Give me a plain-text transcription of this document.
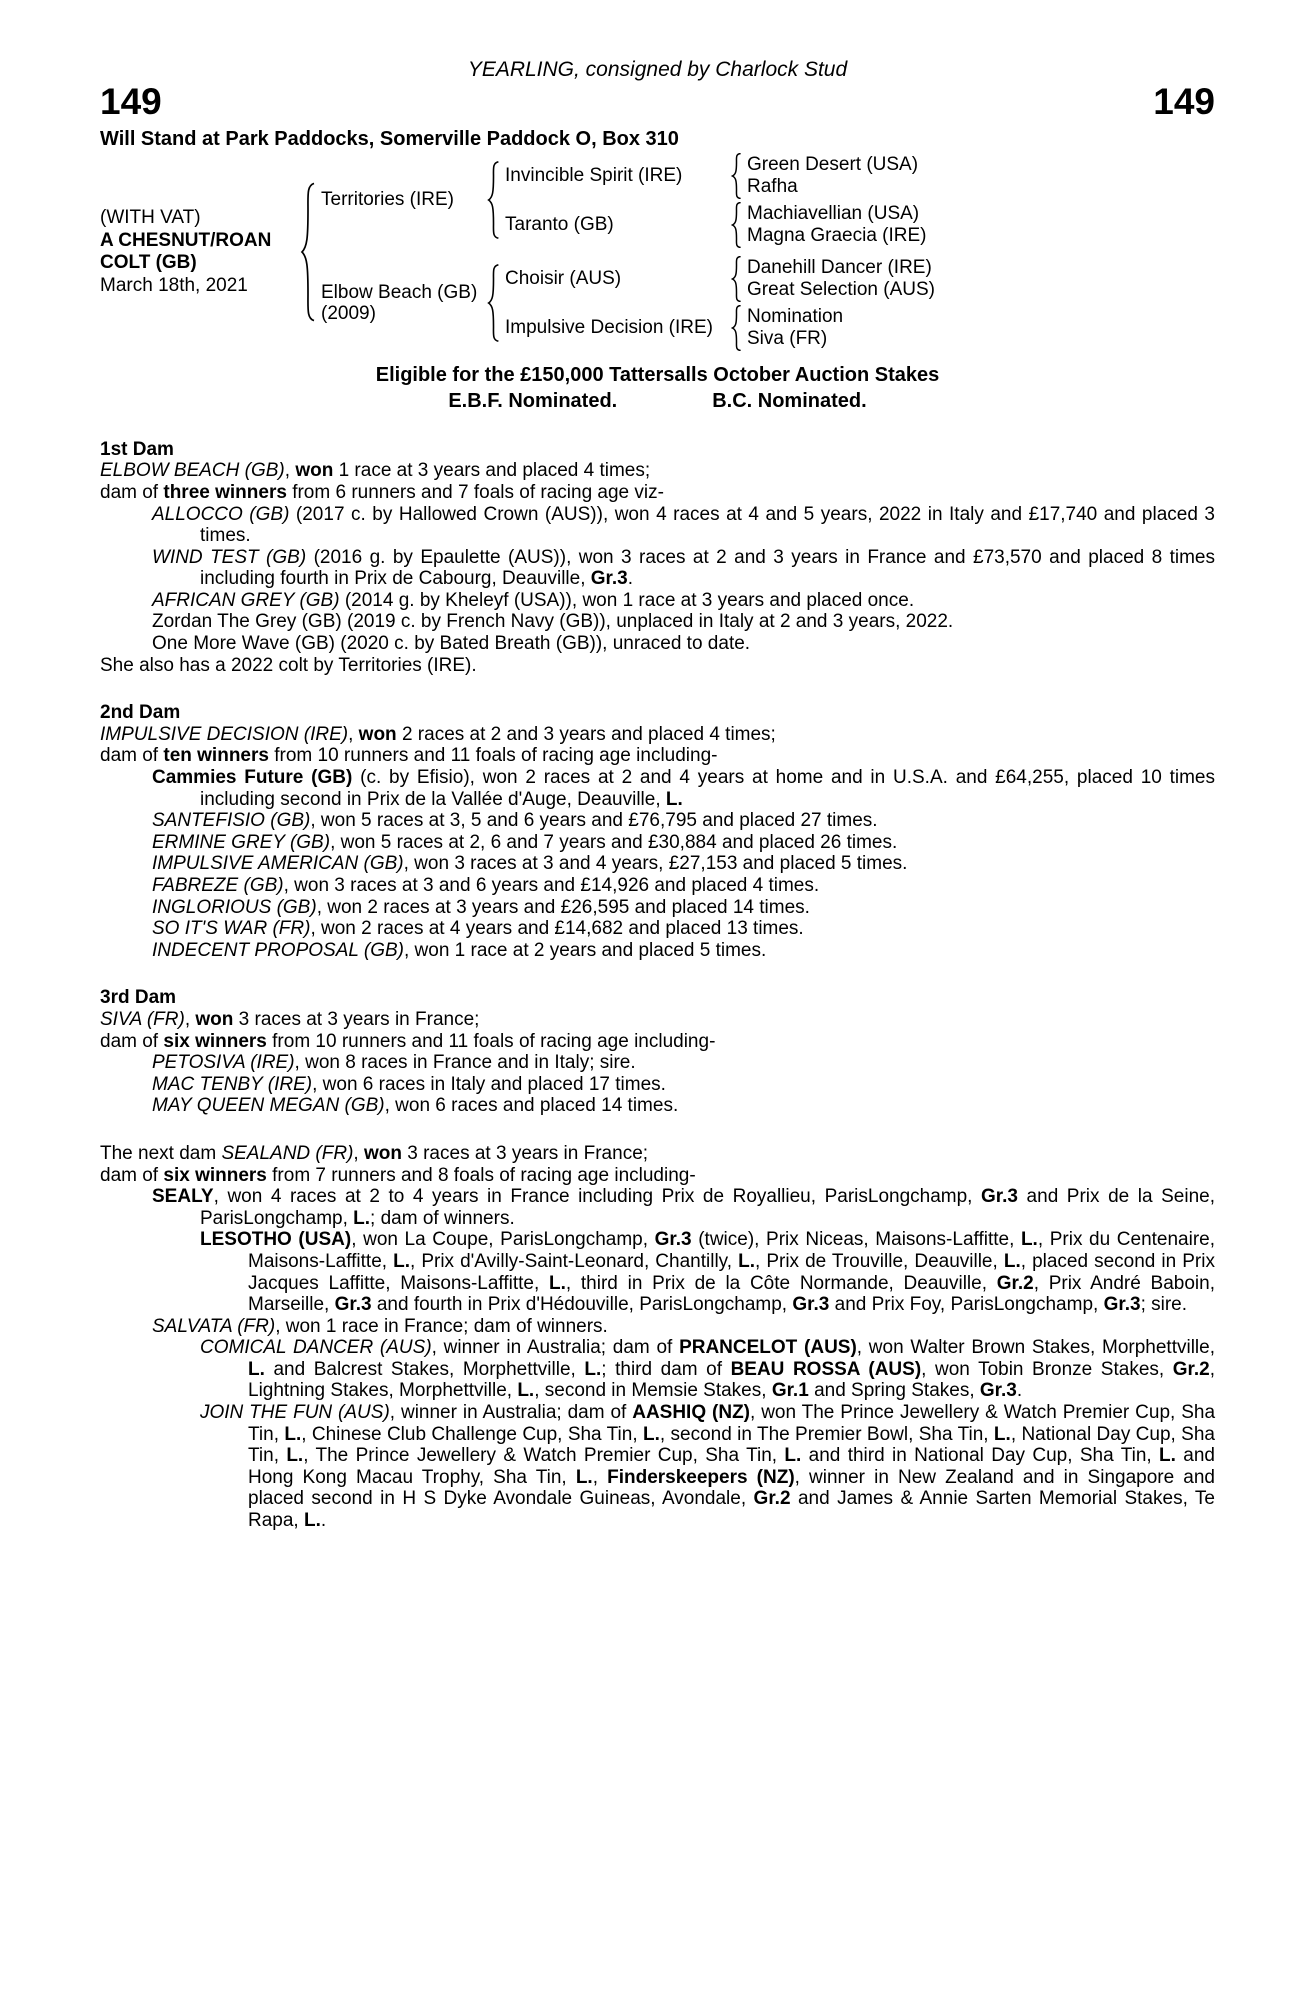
YEARLING, consigned by Charlock Stud
149	149
Will Stand at Park Paddocks, Somerville Paddock O, Box 310
(WITH VAT)
A CHESNUT/ROAN COLT (GB)
March 18th, 2021
Territories (IRE)
Invincible Spirit (IRE)
Green Desert (USA)
Rafha
Taranto (GB)
Machiavellian (USA)
Magna Graecia (IRE)
Elbow Beach (GB)
(2009)
Choisir (AUS)
Danehill Dancer (IRE)
Great Selection (AUS)
Impulsive Decision (IRE)
Nomination
Siva (FR)
Eligible for the £150,000 Tattersalls October Auction Stakes
E.B.F. Nominated.	B.C. Nominated.
1st Dam
ELBOW BEACH (GB), won 1 race at 3 years and placed 4 times;
dam of three winners from 6 runners and 7 foals of racing age viz-
ALLOCCO (GB) (2017 c. by Hallowed Crown (AUS)), won 4 races at 4 and 5 years, 2022 in Italy and £17,740 and placed 3 times.
WIND TEST (GB) (2016 g. by Epaulette (AUS)), won 3 races at 2 and 3 years in France and £73,570 and placed 8 times including fourth in Prix de Cabourg, Deauville, Gr.3.
AFRICAN GREY (GB) (2014 g. by Kheleyf (USA)), won 1 race at 3 years and placed once.
Zordan The Grey (GB) (2019 c. by French Navy (GB)), unplaced in Italy at 2 and 3 years, 2022.
One More Wave (GB) (2020 c. by Bated Breath (GB)), unraced to date.
She also has a 2022 colt by Territories (IRE).
2nd Dam
IMPULSIVE DECISION (IRE), won 2 races at 2 and 3 years and placed 4 times;
dam of ten winners from 10 runners and 11 foals of racing age including-
Cammies Future (GB) (c. by Efisio), won 2 races at 2 and 4 years at home and in U.S.A. and £64,255, placed 10 times including second in Prix de la Vallée d'Auge, Deauville, L.
SANTEFISIO (GB), won 5 races at 3, 5 and 6 years and £76,795 and placed 27 times.
ERMINE GREY (GB), won 5 races at 2, 6 and 7 years and £30,884 and placed 26 times.
IMPULSIVE AMERICAN (GB), won 3 races at 3 and 4 years, £27,153 and placed 5 times.
FABREZE (GB), won 3 races at 3 and 6 years and £14,926 and placed 4 times.
INGLORIOUS (GB), won 2 races at 3 years and £26,595 and placed 14 times.
SO IT'S WAR (FR), won 2 races at 4 years and £14,682 and placed 13 times.
INDECENT PROPOSAL (GB), won 1 race at 2 years and placed 5 times.
3rd Dam
SIVA (FR), won 3 races at 3 years in France;
dam of six winners from 10 runners and 11 foals of racing age including-
PETOSIVA (IRE), won 8 races in France and in Italy; sire.
MAC TENBY (IRE), won 6 races in Italy and placed 17 times.
MAY QUEEN MEGAN (GB), won 6 races and placed 14 times.
The next dam SEALAND (FR), won 3 races at 3 years in France;
dam of six winners from 7 runners and 8 foals of racing age including-
SEALY, won 4 races at 2 to 4 years in France including Prix de Royallieu, ParisLongchamp, Gr.3 and Prix de la Seine, ParisLongchamp, L.; dam of winners.
LESOTHO (USA), won La Coupe, ParisLongchamp, Gr.3 (twice), Prix Niceas, Maisons-Laffitte, L., Prix du Centenaire, Maisons-Laffitte, L., Prix d'Avilly-Saint-Leonard, Chantilly, L., Prix de Trouville, Deauville, L., placed second in Prix Jacques Laffitte, Maisons-Laffitte, L., third in Prix de la Côte Normande, Deauville, Gr.2, Prix André Baboin, Marseille, Gr.3 and fourth in Prix d'Hédouville, ParisLongchamp, Gr.3 and Prix Foy, ParisLongchamp, Gr.3; sire.
SALVATA (FR), won 1 race in France; dam of winners.
COMICAL DANCER (AUS), winner in Australia; dam of PRANCELOT (AUS), won Walter Brown Stakes, Morphettville, L. and Balcrest Stakes, Morphettville, L.; third dam of BEAU ROSSA (AUS), won Tobin Bronze Stakes, Gr.2, Lightning Stakes, Morphettville, L., second in Memsie Stakes, Gr.1 and Spring Stakes, Gr.3.
JOIN THE FUN (AUS), winner in Australia; dam of AASHIQ (NZ), won The Prince Jewellery & Watch Premier Cup, Sha Tin, L., Chinese Club Challenge Cup, Sha Tin, L., second in The Premier Bowl, Sha Tin, L., National Day Cup, Sha Tin, L., The Prince Jewellery & Watch Premier Cup, Sha Tin, L. and third in National Day Cup, Sha Tin, L. and Hong Kong Macau Trophy, Sha Tin, L., Finderskeepers (NZ), winner in New Zealand and in Singapore and placed second in H S Dyke Avondale Guineas, Avondale, Gr.2 and James & Annie Sarten Memorial Stakes, Te Rapa, L..
